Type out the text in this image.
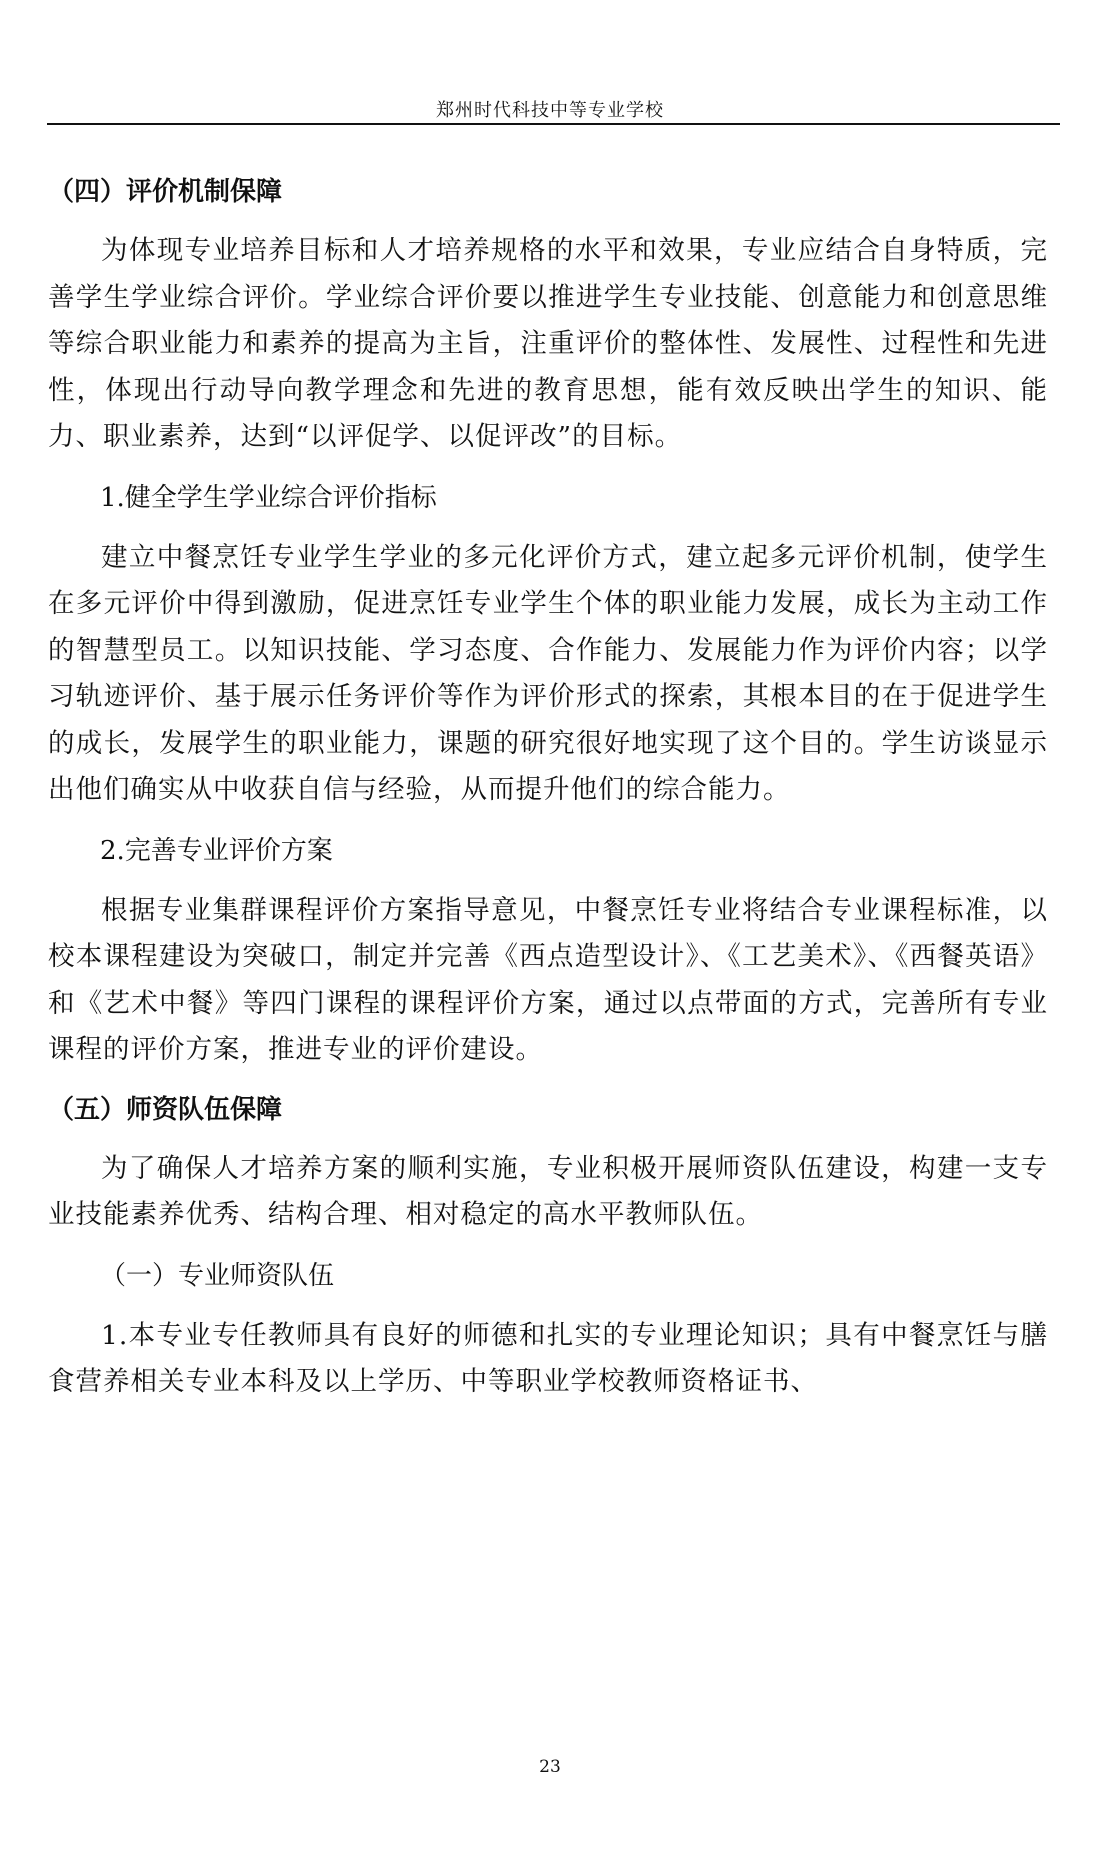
郑州时代科技中等专业学校
（四）评价机制保障

为体现专业培养目标和人才培养规格的水平和效果，专业应结合自身特质，完善学生学业综合评价。学业综合评价要以推进学生专业技能、创意能力和创意思维等综合职业能力和素养的提高为主旨，注重评价的整体性、发展性、过程性和先进性，体现出行动导向教学理念和先进的教育思想，能有效反映出学生的知识、能力、职业素养，达到“以评促学、以促评改”的目标。

1.健全学生学业综合评价指标

建立中餐烹饪专业学生学业的多元化评价方式，建立起多元评价机制，使学生在多元评价中得到激励，促进烹饪专业学生个体的职业能力发展，成长为主动工作的智慧型员工。以知识技能、学习态度、合作能力、发展能力作为评价内容；以学习轨迹评价、基于展示任务评价等作为评价形式的探索，其根本目的在于促进学生的成长，发展学生的职业能力，课题的研究很好地实现了这个目的。学生访谈显示出他们确实从中收获自信与经验，从而提升他们的综合能力。

2.完善专业评价方案

根据专业集群课程评价方案指导意见，中餐烹饪专业将结合专业课程标准，以校本课程建设为突破口，制定并完善《西点造型设计》、《工艺美术》、《西餐英语》和《艺术中餐》等四门课程的课程评价方案，通过以点带面的方式，完善所有专业课程的评价方案，推进专业的评价建设。

（五）师资队伍保障

为了确保人才培养方案的顺利实施，专业积极开展师资队伍建设，构建一支专业技能素养优秀、结构合理、相对稳定的高水平教师队伍。

（一）专业师资队伍

1.本专业专任教师具有良好的师德和扎实的专业理论知识；具有中餐烹饪与膳食营养相关专业本科及以上学历、中等职业学校教师资格证书、

23
